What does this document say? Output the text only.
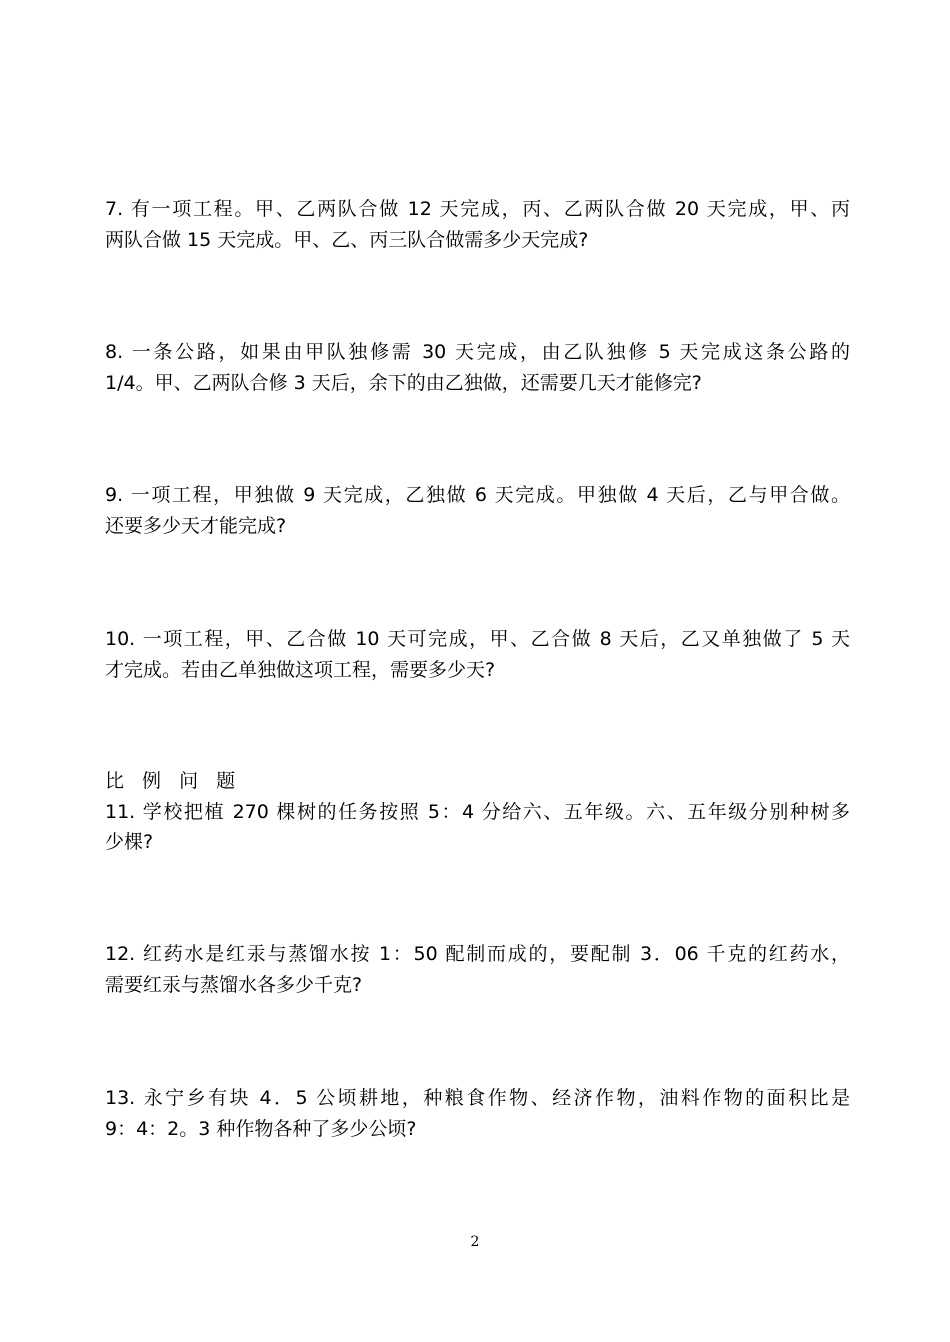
7. 有一项工程。甲、乙两队合做 12 天完成，丙、乙两队合做 20 天完成，甲、丙
两队合做 15 天完成。甲、乙、丙三队合做需多少天完成?
8. 一条公路，如果由甲队独修需 30 天完成，由乙队独修 5 天完成这条公路的
1/4。甲、乙两队合修 3 天后，余下的由乙独做，还需要几天才能修完?
9. 一项工程，甲独做 9 天完成，乙独做 6 天完成。甲独做 4 天后，乙与甲合做。
还要多少天才能完成?
10. 一项工程，甲、乙合做 10 天可完成，甲、乙合做 8 天后，乙又单独做了 5 天
才完成。若由乙单独做这项工程，需要多少天?
比 例 问 题
11. 学校把植 270 棵树的任务按照 5：4 分给六、五年级。六、五年级分别种树多
少棵?
12. 红药水是红汞与蒸馏水按 1：50 配制而成的，要配制 3．06 千克的红药水，
需要红汞与蒸馏水各多少千克?
13. 永宁乡有块 4．5 公顷耕地，种粮食作物、经济作物，油料作物的面积比是
9：4：2。3 种作物各种了多少公顷?
2
